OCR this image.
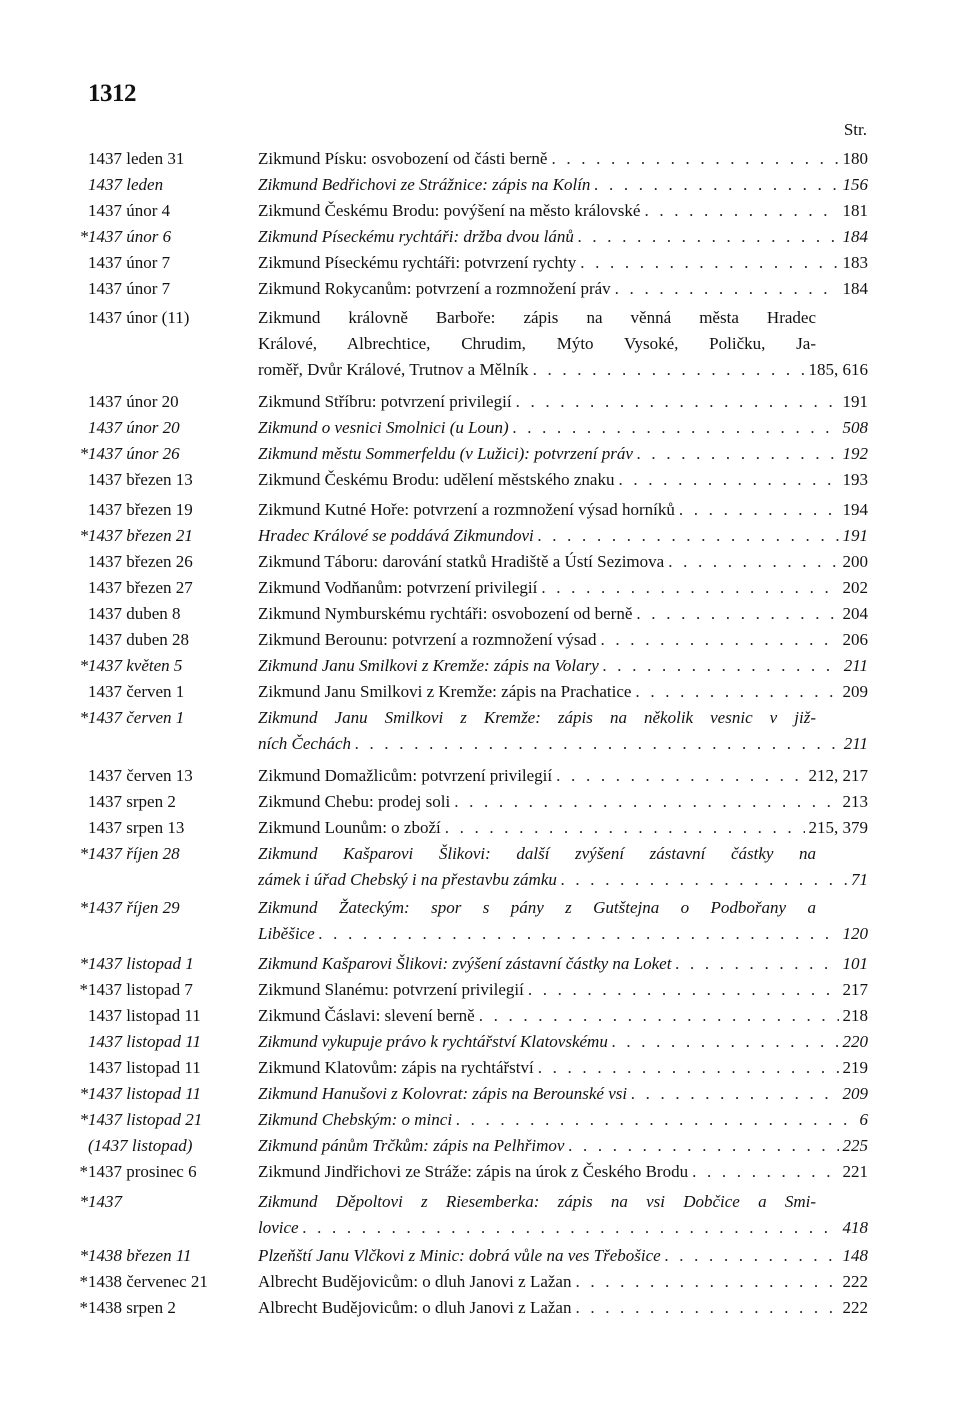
1312
Str.
1437 leden 31	Zikmund Písku: osvobození od části berně . . .	180
1437 leden	Zikmund Bedřichovi ze Strážnice: zápis na Kolín . . .	156
1437 únor 4	Zikmund Českému Brodu: povýšení na město královské . . .	181
*1437 únor 6	Zikmund Píseckému rychtáři: držba dvou lánů . . .	184
1437 únor 7	Zikmund Píseckému rychtáři: potvrzení rychty . . .	183
1437 únor 7	Zikmund Rokycanům: potvrzení a rozmnožení práv . . .	184
1437 únor (11)	Zikmund královně Barboře: zápis na věnná města Hradec
Králové, Albrechtice, Chrudim, Mýto Vysoké, Poličku, Ja-
roměř, Dvůr Králové, Trutnov a Mělník . . .	185, 616
1437 únor 20	Zikmund Stříbru: potvrzení privilegií . . .	191
1437 únor 20	Zikmund o vesnici Smolnici (u Loun) . . .	508
*1437 únor 26	Zikmund městu Sommerfeldu (v Lužici): potvrzení práv . . .	192
1437 březen 13	Zikmund Českému Brodu: udělení městského znaku . . .	193
1437 březen 19	Zikmund Kutné Hoře: potvrzení a rozmnožení výsad horníků . . .	194
*1437 březen 21	Hradec Králové se poddává Zikmundovi . . .	191
1437 březen 26	Zikmund Táboru: darování statků Hradiště a Ústí Sezimova . . .	200
1437 březen 27	Zikmund Vodňanům: potvrzení privilegií . . .	202
1437 duben 8	Zikmund Nymburskému rychtáři: osvobození od berně . . .	204
1437 duben 28	Zikmund Berounu: potvrzení a rozmnožení výsad . . .	206
*1437 květen 5	Zikmund Janu Smilkovi z Kremže: zápis na Volary . . .	211
1437 červen 1	Zikmund Janu Smilkovi z Kremže: zápis na Prachatice . . .	209
*1437 červen 1	Zikmund Janu Smilkovi z Kremže: zápis na několik vesnic v již-
ních Čechách . . .	211
1437 červen 13	Zikmund Domažlicům: potvrzení privilegií . . .	212, 217
1437 srpen 2	Zikmund Chebu: prodej soli . . .	213
1437 srpen 13	Zikmund Lounům: o zboží . . .	215, 379
*1437 říjen 28	Zikmund Kašparovi Šlikovi: další zvýšení zástavní částky na
zámek i úřad Chebský i na přestavbu zámku . . .	71
*1437 říjen 29	Zikmund Žateckým: spor s pány z Gutštejna o Podbořany a
Liběšice . . .	120
*1437 listopad 1	Zikmund Kašparovi Šlikovi: zvýšení zástavní částky na Loket . . .	101
*1437 listopad 7	Zikmund Slanému: potvrzení privilegií . . .	217
1437 listopad 11	Zikmund Čáslavi: slevení berně . . .	218
1437 listopad 11	Zikmund vykupuje právo k rychtářství Klatovskému . . .	220
1437 listopad 11	Zikmund Klatovům: zápis na rychtářství . . .	219
*1437 listopad 11	Zikmund Hanušovi z Kolovrat: zápis na Berounské vsi . . .	209
*1437 listopad 21	Zikmund Chebským: o minci . . .	6
(1437 listopad)	Zikmund pánům Trčkům: zápis na Pelhřimov . . .	225
*1437 prosinec 6	Zikmund Jindřichovi ze Stráže: zápis na úrok z Českého Brodu . . .	221
*1437	Zikmund Děpoltovi z Riesemberka: zápis na vsi Dobčice a Smi-
lovice . . .	418
*1438 březen 11	Plzeňští Janu Vlčkovi z Minic: dobrá vůle na ves Třebošice . . .	148
*1438 červenec 21	Albrecht Budějovicům: o dluh Janovi z Lažan . . .	222
*1438 srpen 2	Albrecht Budějovicům: o dluh Janovi z Lažan . . .	222
